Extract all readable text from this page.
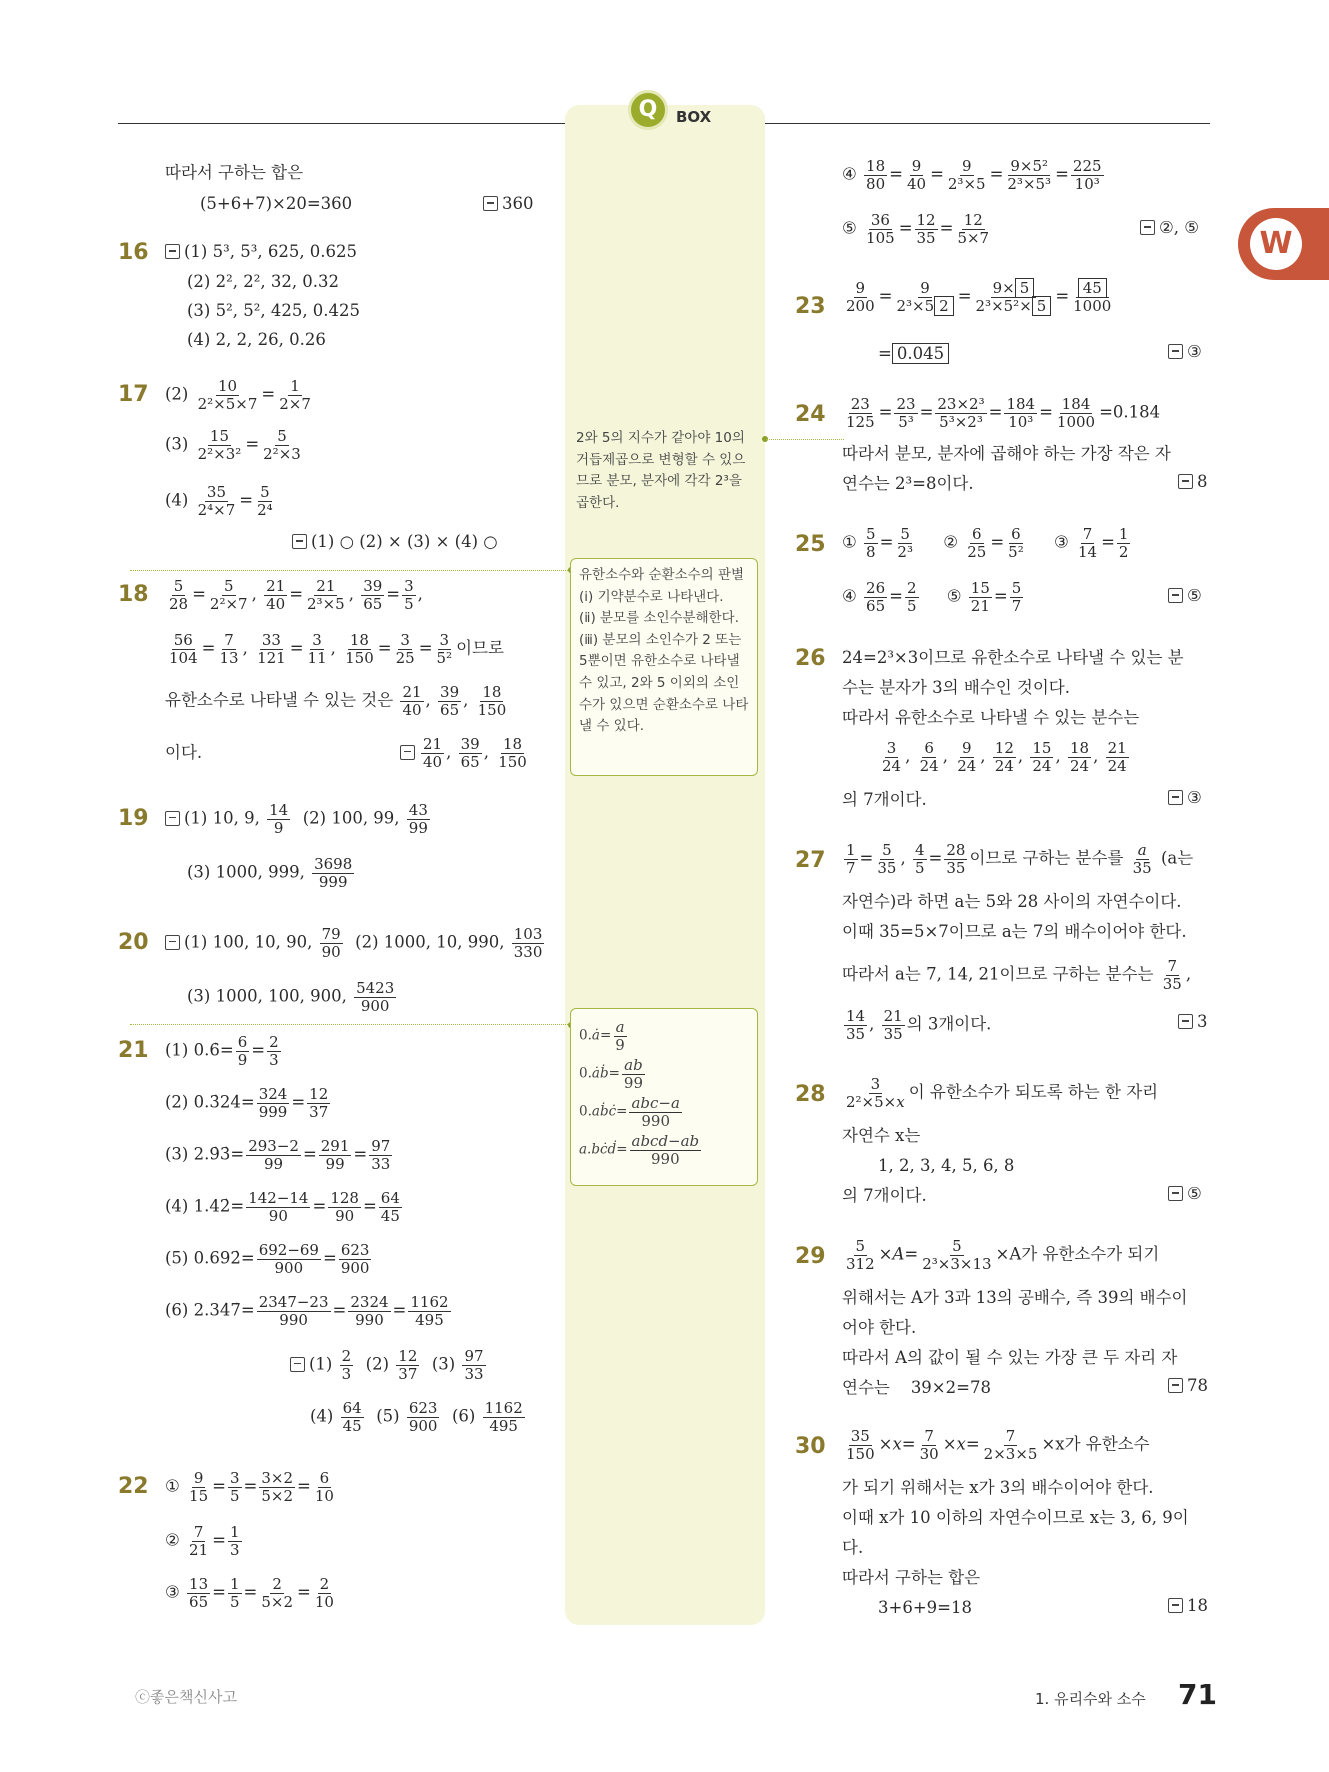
Q	BOX
W
따라서 구하는 합은
(5+6+7)×20=360	360
16	(1) 5³, 5³, 625, 0.625
(2) 2², 2², 32, 0.32
(3) 5², 5², 425, 0.425
(4) 2, 2, 26, 0.26
17 $(2) \frac{10}{\text{2²×5×7}} = \frac{1}{2\times 7}$
$(3) \frac{15}{\text{2²×3²}} = \frac{5}{\text{2²×3}}$
$(4) \frac{35}{\text{2⁴×7}} = \frac{5}{\text{2⁴}}$
(1) ○ (2) × (3) × (4) ○
$18 \frac{5}{28} = \frac{5}{\text{2²×7}}$ , $\frac{21}{40} = \frac{21}{\text{2³×5}}$ , $\frac{39}{65} = \frac{3}{5}$ ,
$\frac{56}{104} = \frac{7}{13}$ , $\frac{33}{121} = \frac{3}{11}$ , $\frac{18}{150} = \frac{3}{25} = \frac{3}{\text{5²}}$ 이므로
유한소수로 나타낼 수 있는 것은 $\frac{21}{40}$ , $\frac{39}{65}$ , $\frac{18}{150}$
이다.	$\frac{21}{40}$ , $\frac{39}{65}$ , $\frac{18}{150}$
19	(1) 10, 9, $\frac{14}{9} (2)$ 100, 99, $\frac{43}{99}$
(3) 1000, 999, $\frac{3698}{999}$
20	(1) 100, 10, 90, $\frac{79}{90} (2)$ 1000, 10, 990, $\frac{103}{330}$
(3) 1000, 100, 900, $\frac{5423}{900}$
21 (1) 0.6̇= $\frac{6}{9} = \frac{2}{3}$
(2) 0.3̇24̇= $\frac{324}{999} = \frac{12}{37}$
(3) 2.9̇3̇= $\frac{293-2}{99} = \frac{291}{99} = \frac{97}{33}$
(4) 1.42̇= $\frac{142-14}{90} = \frac{128}{90} = \frac{64}{45}$
(5) 0.692̇= $\frac{692-69}{900} = \frac{623}{900}$
(6) 2.34̇7̇= $\frac{2347-23}{990} = \frac{2324}{990} = \frac{1162}{495}$
$(1) \frac{2}{3} (2) \frac{12}{37} (3) \frac{97}{33}$
$(4) \frac{64}{45} (5) \frac{623}{900} (6) \frac{1162}{495}$
22 ① $\frac{9}{15} = \frac{3}{5} = \frac{3\times 2}{5\times 2} = \frac{6}{10}$
② $\frac{7}{21} = \frac{1}{3}$
③ $\frac{13}{65} = \frac{1}{5} = \frac{2}{5\times 2} = \frac{2}{10}$
2와 5의 지수가 같아야 10의 거듭제곱으로 변형할 수 있으므로 분모, 분자에 각각 2³을 곱한다.
유한소수와 순환소수의 판별
(ⅰ) 기약분수로 나타낸다.
(ⅱ) 분모를 소인수분해한다.
(ⅲ) 분모의 소인수가 2 또는 5뿐이면 유한소수로 나타낼 수 있고, 2와 5 이외의 소인수가 있으면 순환소수로 나타낼 수 있다.
0.ȧ= $\frac{a}{9}$
0.ȧḃ= $\frac{ab}{99}$
0.aḃċ= $\frac{\text{abc−a}}{990}$
a.bċḋ= $\frac{\text{abcd−ab}}{990}$
④ $\frac{18}{80} = \frac{9}{40} = \frac{9}{\text{2³×5}} = \frac{\text{9×5²}}{\text{2³×5³}} = \frac{225}{\text{10³}}$
⑤ $\frac{36}{105} = \frac{12}{35} = \frac{12}{5\times 7}$	②, ⑤
$23 \frac{9}{200} = \frac{9}{\text{2³×5 2}} = \frac{9\times 5}{\text{2³×5²× 5}} = \frac{45}{1000}$
= 0.045	③
$24 \frac{23}{125} = \frac{23}{\text{5³}} = \frac{\text{23×2³}}{\text{5³×2³}} = \frac{184}{\text{10³}} = \frac{184}{1000} =0.184$
따라서 분모, 분자에 곱해야 하는 가장 작은 자
연수는 2³=8이다.	8
25 ① $\frac{5}{8} = \frac{5}{\text{2³}}$ ② $\frac{6}{25} = \frac{6}{\text{5²}}$ ③ $\frac{7}{14} = \frac{1}{2}$
④ $\frac{26}{65} = \frac{2}{5}$ ⑤ $\frac{15}{21} = \frac{5}{7}$	⑤
26 24=2³×3이므로 유한소수로 나타낼 수 있는 분
수는 분자가 3의 배수인 것이다.
따라서 유한소수로 나타낼 수 있는 분수는
$\frac{3}{24}$ , $\frac{6}{24}$ , $\frac{9}{24}$ , $\frac{12}{24}$ , $\frac{15}{24}$ , $\frac{18}{24}$ , $\frac{21}{24}$
의 7개이다.	③
$27 \frac{1}{7} = \frac{5}{35}$ , $\frac{4}{5} = \frac{28}{35}$ 이므로 구하는 분수를 $\frac{a}{35} (a$는
자연수)라 하면 a는 5와 28 사이의 자연수이다.
이때 35=5×7이므로 a는 7의 배수이어야 한다.
따라서 a는 7, 14, 21이므로 구하는 분수는 $\frac{7}{35}$ ,
$\frac{14}{35}$ , $\frac{21}{35}$ 의 3개이다.	3
$28 \frac{3}{\text{2²×5×x}}$ 이 유한소수가 되도록 하는 한 자리
자연수 x는
1, 2, 3, 4, 5, 6, 8
의 7개이다.	⑤
$29 \frac{5}{312} \times A= \frac{5}{\text{2³×3×13}} \times A$가 유한소수가 되기
위해서는 A가 3과 13의 공배수, 즉 39의 배수이
어야 한다.
따라서 A의 값이 될 수 있는 가장 큰 두 자리 자
연수는 39×2=78	78
$30 \frac{35}{150} \times x= \frac{7}{30} \times x= \frac{7}{2\times 3\times 5} \times x$가 유한소수
가 되기 위해서는 x가 3의 배수이어야 한다.
이때 x가 10 이하의 자연수이므로 x는 3, 6, 9이
다.
따라서 구하는 합은
3+6+9=18	18
ⓒ좋은책신사고	1. 유리수와 소수 71
